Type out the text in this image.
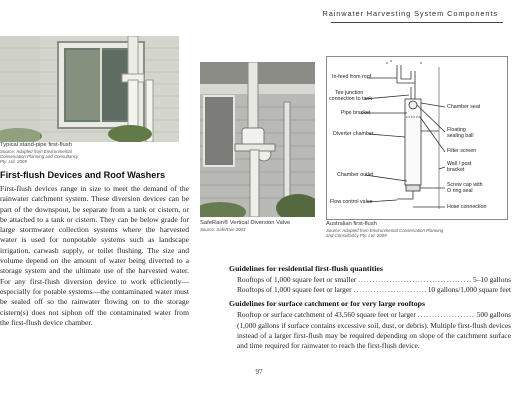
Rainwater Harvesting System Components
Typical stand-pipe first-flush
Source: Adapted from Environmental
Conservation Planning and Consultancy
Pty. Ltd. 2009
SafeRain® Vertical Diversion Valve
Source: SafeRain 2003
In-feed from roof
Tee junction
connection to tank
Pipe bracket
Diverter chamber
Chamber outlet
Flow control valve
Chamber seat
Floating
sealing ball
Filter screen
Wall / post
bracket
Screw cap with
O ring seal
Hose connection
Australian first-flush
Source: Adapted from Environmental Conservation Planning
and Consultancy Pty. Ltd. 2009
First-flush Devices and Roof Washers

First-flush devices range in size to meet the demand of the rainwater catchment system. These diversion devices can be part of the downspout, be separate from a tank or cistern, or be attached to a tank or cistern. They can be below grade for large stormwater collection systems where the harvested water is used for nonpotable systems such as landscape irrigation, carwash supply, or toilet flushing. The size and volume depend on the amount of water being diverted to a storage system and the ultimate use of the harvested water. For any first-flush diversion device to work efficiently—especially for potable systems—the contaminated water must be sealed off so the rainwater flowing on to the storage cistern(s) does not siphon off the contaminated water from the first-flush device chamber.

Guidelines for residential first-flush quantities
Rooftops of 1,000 square feet or smaller .....	5–10 gallons
Rooftops of 1,000 square feet or larger .....	10 gallons/1,000 square feet
Guidelines for surface catchment or for very large rooftops
Rooftop or surface catchment of 43,560 square feet or larger .....	500 gallons

(1,000 gallons if surface contains excessive soil, dust, or debris). Multiple first-flush devices instead of a larger first-flush may be required depending on slope of the catchment surface and time required for rainwater to reach the first-flush device.

97
